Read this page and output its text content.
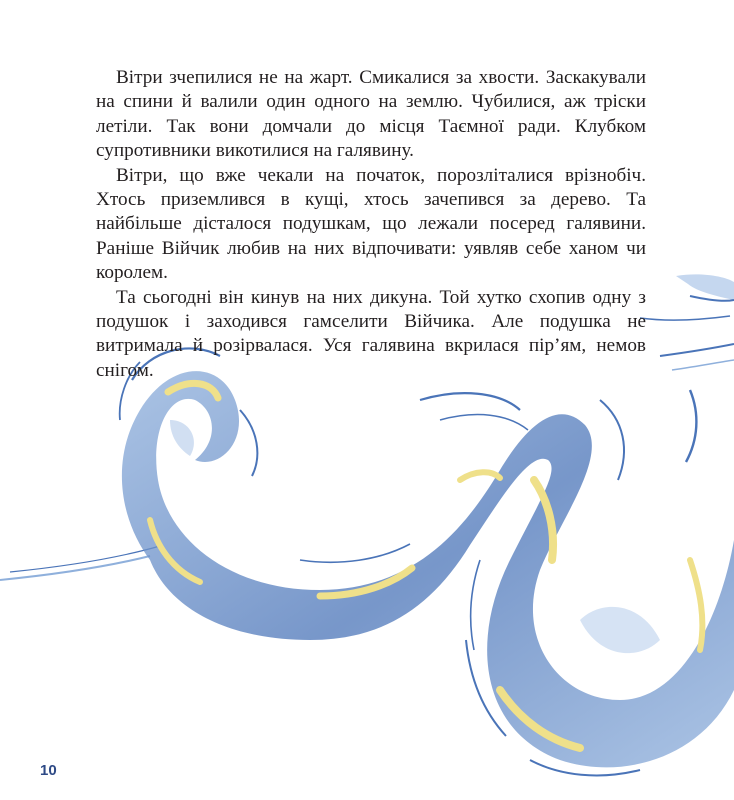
Вітри зчепилися не на жарт. Смикалися за хвости. Заскакували на спини й валили один одного на землю. Чубилися, аж тріски летіли. Так вони домчали до місця Таємної ради. Клубком супротивники викотилися на галявину.

Вітри, що вже чекали на початок, порозліталися врізнобіч. Хтось приземлився в кущі, хтось зачепився за дерево. Та найбільше дісталося подушкам, що лежали посеред галявини. Раніше Війчик любив на них відпочивати: уявляв себе ханом чи королем.

Та сьогодні він кинув на них дикуна. Той хутко схопив одну з подушок і заходився гамселити Війчика. Але подушка не витримала й розірвалася. Уся галявина вкрилася пір’ям, немов снігом.

10
